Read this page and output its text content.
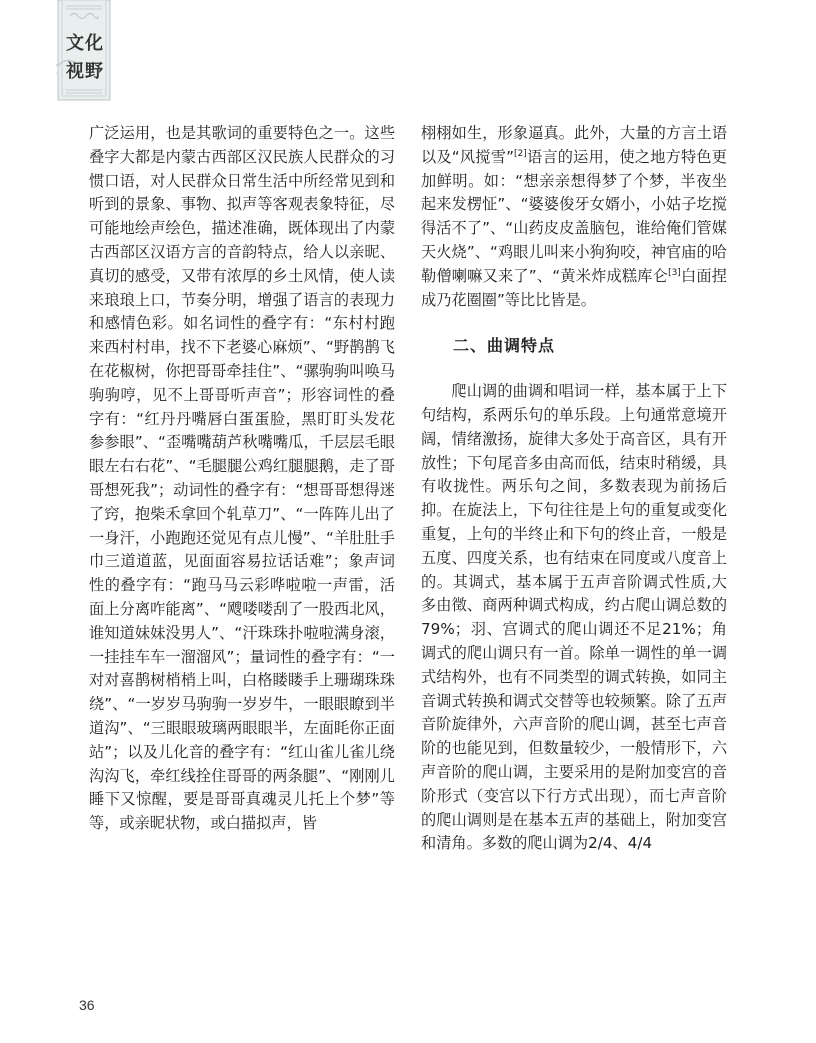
文化
视野

广泛运用，也是其歌词的重要特色之一。这些叠字大都是内蒙古西部区汉民族人民群众的习惯口语，对人民群众日常生活中所经常见到和听到的景象、事物、拟声等客观表象特征，尽可能地绘声绘色，描述准确，既体现出了内蒙古西部区汉语方言的音韵特点，给人以亲昵、真切的感受，又带有浓厚的乡土风情，使人读来琅琅上口，节奏分明，增强了语言的表现力和感情色彩。如名词性的叠字有：“东村村跑来西村村串，找不下老婆心麻烦”、“野鹊鹊飞在花椒树，你把哥哥牵挂住”、“骡驹驹叫唤马驹驹哼，见不上哥哥听声音”；形容词性的叠字有：“红丹丹嘴唇白蛋蛋脸，黑盯盯头发花参参眼”、“歪嘴嘴葫芦秋嘴嘴瓜，千层层毛眼眼左右右花”、“毛腿腿公鸡红腿腿鹅，走了哥哥想死我”；动词性的叠字有：“想哥哥想得迷了窍，抱柴禾拿回个轧草刀”、“一阵阵儿出了一身汗，小跑跑还觉见有点儿慢”、“羊肚肚手巾三道道蓝，见面面容易拉话话难”；象声词性的叠字有：“跑马马云彩哗啦啦一声雷，活面上分离咋能离”、“飕喽喽刮了一股西北风，谁知道妹妹没男人”、“汗珠珠扑啦啦满身滚，一挂挂车车一溜溜风”；量词性的叠字有：“一对对喜鹊树梢梢上叫，白格䁖䁖手上珊瑚珠珠绕”、“一岁岁马驹驹一岁岁牛，一眼眼瞭到半道沟”、“三眼眼玻璃两眼眼半，左面眊你正面站”；以及儿化音的叠字有：“红山雀儿雀儿绕沟沟飞，牵红线拴住哥哥的两条腿”、“刚刚儿睡下又惊醒，要是哥哥真魂灵儿托上个梦”等等，或亲昵状物，或白描拟声，皆

栩栩如生，形象逼真。此外，大量的方言土语以及“风搅雪”[2]语言的运用，使之地方特色更加鲜明。如：“想亲亲想得梦了个梦，半夜坐起来发楞怔”、“婆婆俊牙女婿小，小姑子圪搅得活不了”、“山药皮皮盖脑包，谁给俺们管媒天火烧”、“鸡眼儿叫来小狗狗咬，神官庙的哈勒僧喇嘛又来了”、“黄米炸成糕库仑[3]白面捏成乃花圈圈”等比比皆是。

二、曲调特点

爬山调的曲调和唱词一样，基本属于上下句结构，系两乐句的单乐段。上句通常意境开阔，情绪激扬，旋律大多处于高音区，具有开放性；下句尾音多由高而低，结束时稍缓，具有收拢性。两乐句之间，多数表现为前扬后抑。在旋法上，下句往往是上句的重复或变化重复，上句的半终止和下句的终止音，一般是五度、四度关系，也有结束在同度或八度音上的。其调式，基本属于五声音阶调式性质,大多由徵、商两种调式构成，约占爬山调总数的79%；羽、宫调式的爬山调还不足21%；角调式的爬山调只有一首。除单一调性的单一调式结构外，也有不同类型的调式转换，如同主音调式转换和调式交替等也较频繁。除了五声音阶旋律外，六声音阶的爬山调，甚至七声音阶的也能见到，但数量较少，一般情形下，六声音阶的爬山调，主要采用的是附加变宫的音阶形式（变宫以下行方式出现），而七声音阶的爬山调则是在基本五声的基础上，附加变宫和清角。多数的爬山调为2/4、4/4

36
